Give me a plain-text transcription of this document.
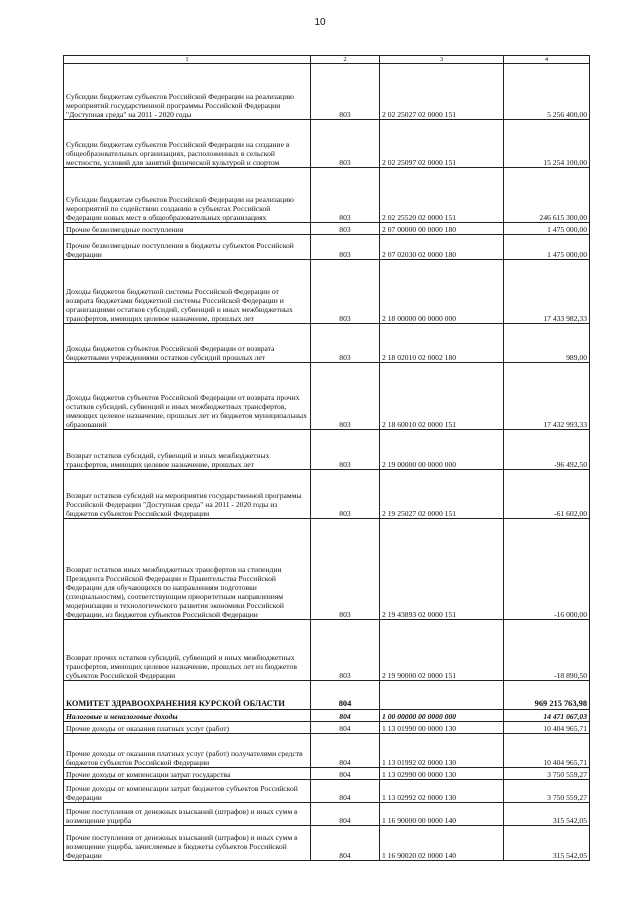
10
1	2	3	4
Субсидии бюджетам субъектов Российской Федерации на реализацию мероприятий государственной программы Российской Федерации "Доступная среда" на 2011 - 2020 годы	803	2 02 25027 02 0000 151	5 256 400,00
Субсидии бюджетам субъектов Российской Федерации на создание в общеобразовательных организациях, расположенных в сельской местности, условий для занятий физической культурой и спортом	803	2 02 25097 02 0000 151	15 254 100,00
Субсидии бюджетам субъектов Российской Федерации на реализацию мероприятий по содействию созданию в субъектах Российской Федерации новых мест в общеобразовательных организациях	803	2 02 25520 02 0000 151	246 615 300,00
Прочие безвозмездные поступления	803	2 07 00000 00 0000 180	1 475 000,00
Прочие безвозмездные поступления в бюджеты субъектов Российской Федерации	803	2 07 02030 02 0000 180	1 475 000,00
Доходы бюджетов бюджетной системы Российской Федерации от возврата бюджетами бюджетной системы Российской Федерации и организациями остатков субсидий, субвенций и иных межбюджетных трансфертов, имеющих целевое назначение, прошлых лет	803	2 18 00000 00 0000 000	17 433 982,33
Доходы бюджетов субъектов Российской Федерации от возврата бюджетными учреждениями остатков субсидий прошлых лет	803	2 18 02010 02 0002 180	989,00
Доходы бюджетов субъектов Российской Федерации от возврата прочих остатков субсидий, субвенций и иных межбюджетных трансфертов, имеющих целевое назначение, прошлых лет из бюджетов муниципальных образований	803	2 18 60010 02 0000 151	17 432 993,33
Возврат остатков субсидий, субвенций и иных межбюджетных трансфертов, имеющих целевое назначение, прошлых лет	803	2 19 00000 00 0000 000	-96 492,50
Возврат остатков субсидий на мероприятия государственной программы Российской Федерации "Доступная среда" на 2011 - 2020 годы из бюджетов субъектов Российской Федерации	803	2 19 25027 02 0000 151	-61 602,00
Возврат остатков иных межбюджетных трансфертов на стипендии Президента Российской Федерации и Правительства Российской Федерации для обучающихся по направлениям подготовки (специальностям), соответствующим приоритетным направлениям модернизации и технологического развития экономики Российской Федерации, из бюджетов субъектов Российской Федерации	803	2 19 43893 02 0000 151	-16 000,00
Возврат прочих остатков субсидий, субвенций и иных межбюджетных трансфертов, имеющих целевое назначение, прошлых лет из бюджетов субъектов Российской Федерации	803	2 19 90000 02 0000 151	-18 890,50
КОМИТЕТ ЗДРАВООХРАНЕНИЯ КУРСКОЙ ОБЛАСТИ	804		969 215 763,98
Налоговые и неналоговые доходы	804	1 00 00000 00 0000 000	14 471 067,03
Прочие доходы от оказания платных услуг (работ)	804	1 13 01990 00 0000 130	10 404 965,71
Прочие доходы от оказания платных услуг (работ) получателями средств бюджетов субъектов Российской Федерации	804	1 13 01992 02 0000 130	10 404 965,71
Прочие доходы от компенсации затрат государства	804	1 13 02990 00 0000 130	3 750 559,27
Прочие доходы от компенсации затрат бюджетов субъектов Российской Федерации	804	1 13 02992 02 0000 130	3 750 559,27
Прочие поступления от денежных взысканий (штрафов) и иных сумм в возмещение ущерба	804	1 16 90000 00 0000 140	315 542,05
Прочие поступления от денежных взысканий (штрафов) и иных сумм в возмещение ущерба, зачисляемые в бюджеты субъектов Российской Федерации	804	1 16 90020 02 0000 140	315 542,05
